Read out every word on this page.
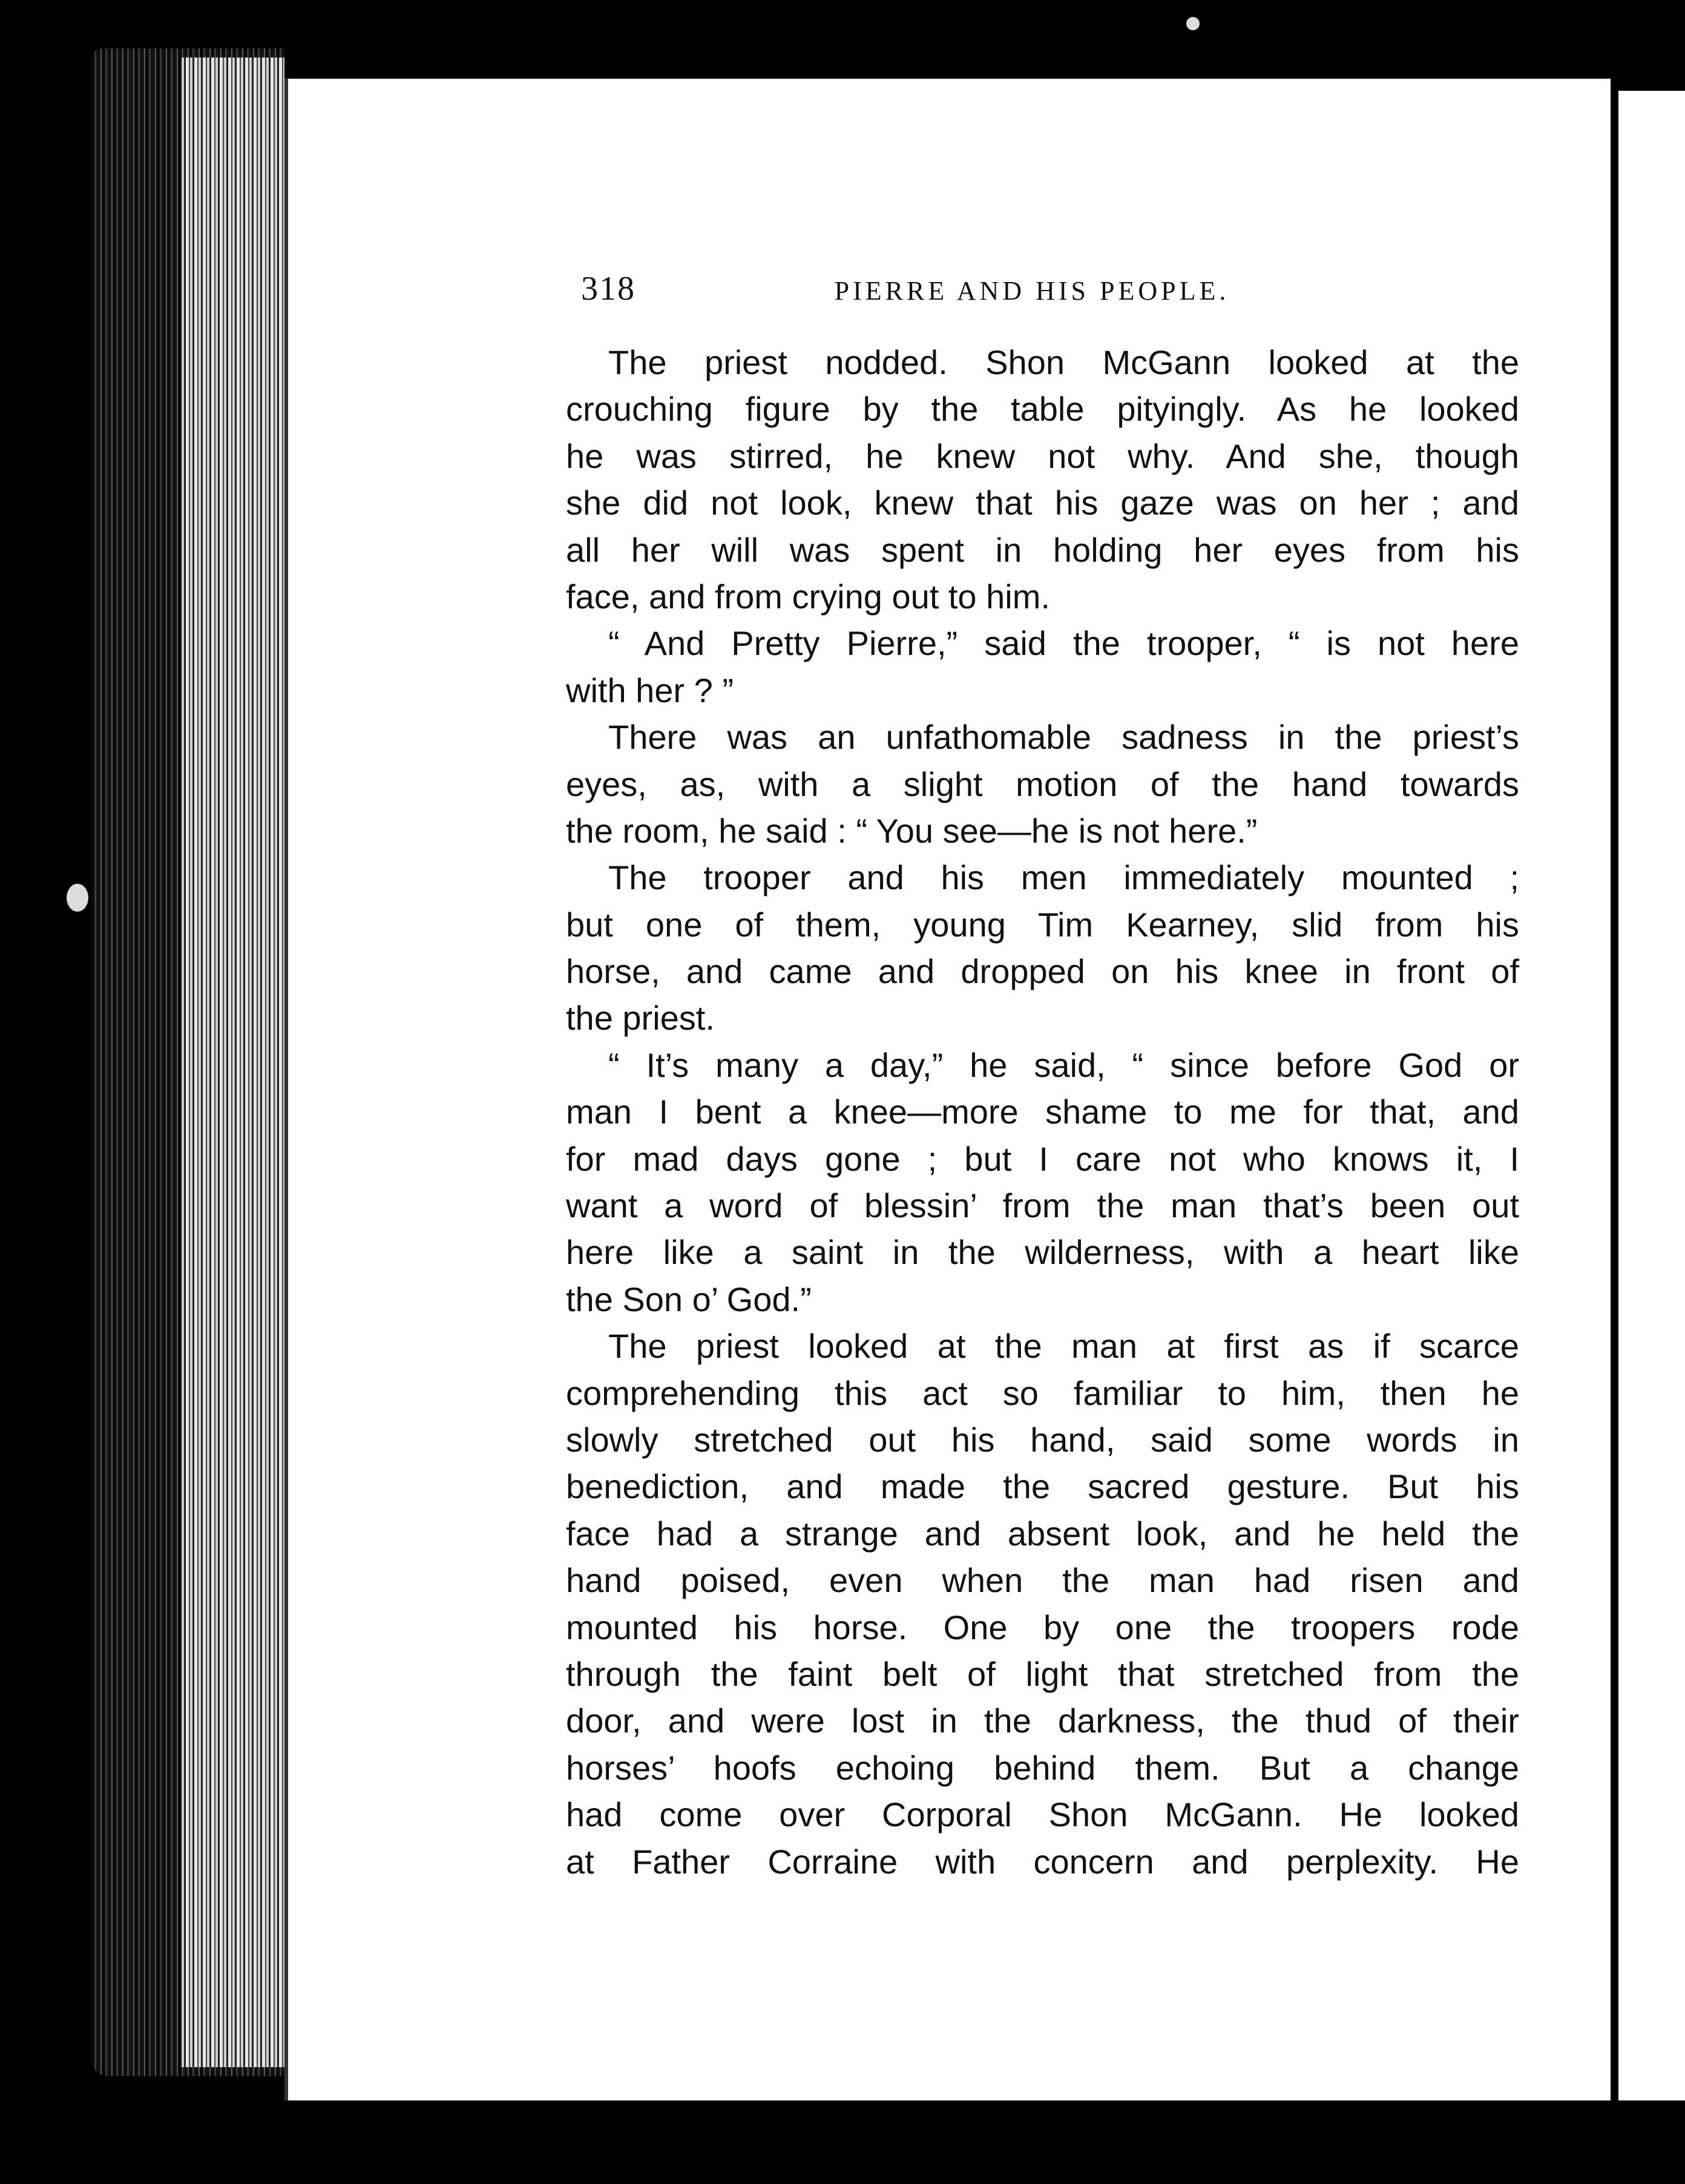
318	PIERRE AND HIS PEOPLE.
The priest nodded. Shon McGann looked at the
crouching figure by the table pityingly. As he looked
he was stirred, he knew not why. And she, though
she did not look, knew that his gaze was on her ; and
all her will was spent in holding her eyes from his
face, and from crying out to him.
“ And Pretty Pierre,” said the trooper, “ is not here
with her ? ”
There was an unfathomable sadness in the priest’s
eyes, as, with a slight motion of the hand towards
the room, he said : “ You see—he is not here.”
The trooper and his men immediately mounted ;
but one of them, young Tim Kearney, slid from his
horse, and came and dropped on his knee in front of
the priest.
“ It’s many a day,” he said, “ since before God or
man I bent a knee—more shame to me for that, and
for mad days gone ; but I care not who knows it, I
want a word of blessin’ from the man that’s been out
here like a saint in the wilderness, with a heart like
the Son o’ God.”
The priest looked at the man at first as if scarce
comprehending this act so familiar to him, then he
slowly stretched out his hand, said some words in
benediction, and made the sacred gesture. But his
face had a strange and absent look, and he held the
hand poised, even when the man had risen and
mounted his horse. One by one the troopers rode
through the faint belt of light that stretched from the
door, and were lost in the darkness, the thud of their
horses’ hoofs echoing behind them. But a change
had come over Corporal Shon McGann. He looked
at Father Corraine with concern and perplexity. He
